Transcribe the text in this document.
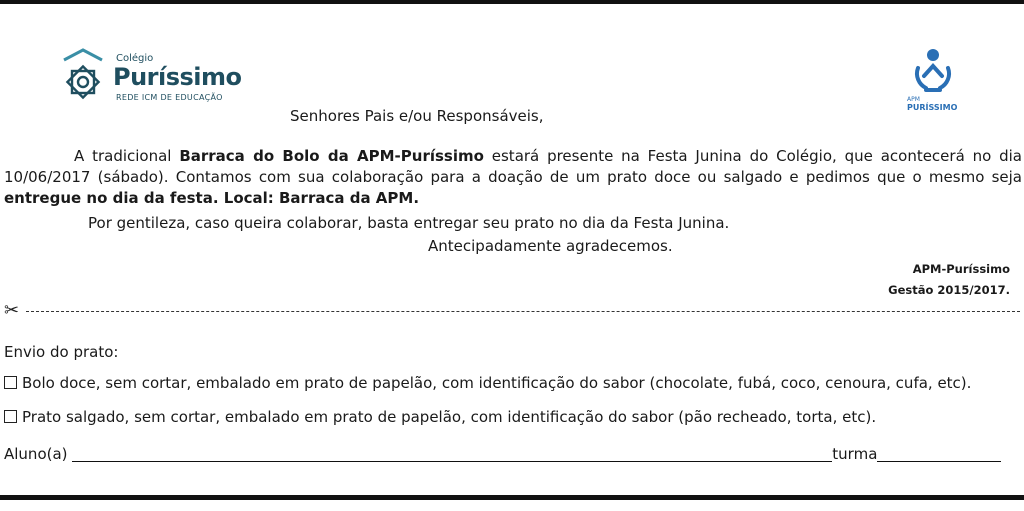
Colégio
Puríssimo
REDE ICM DE EDUCAÇÃO	APM
PURÍSSIMO
Senhores Pais e/ou Responsáveis,
A tradicional Barraca do Bolo da APM-Puríssimo estará presente na Festa Junina do Colégio, que acontecerá no dia 10/06/2017 (sábado). Contamos com sua colaboração para a doação de um prato doce ou salgado e pedimos que o mesmo seja entregue no dia da festa. Local: Barraca da APM.
Por gentileza, caso queira colaborar, basta entregar seu prato no dia da Festa Junina.
Antecipadamente agradecemos.
APM-Puríssimo
Gestão 2015/2017.
✂
Envio do prato:
Bolo doce, sem cortar, embalado em prato de papelão, com identificação do sabor (chocolate, fubá, coco, cenoura, cufa, etc).
Prato salgado, sem cortar, embalado em prato de papelão, com identificação do sabor (pão recheado, torta, etc).
Aluno(a)	turma
